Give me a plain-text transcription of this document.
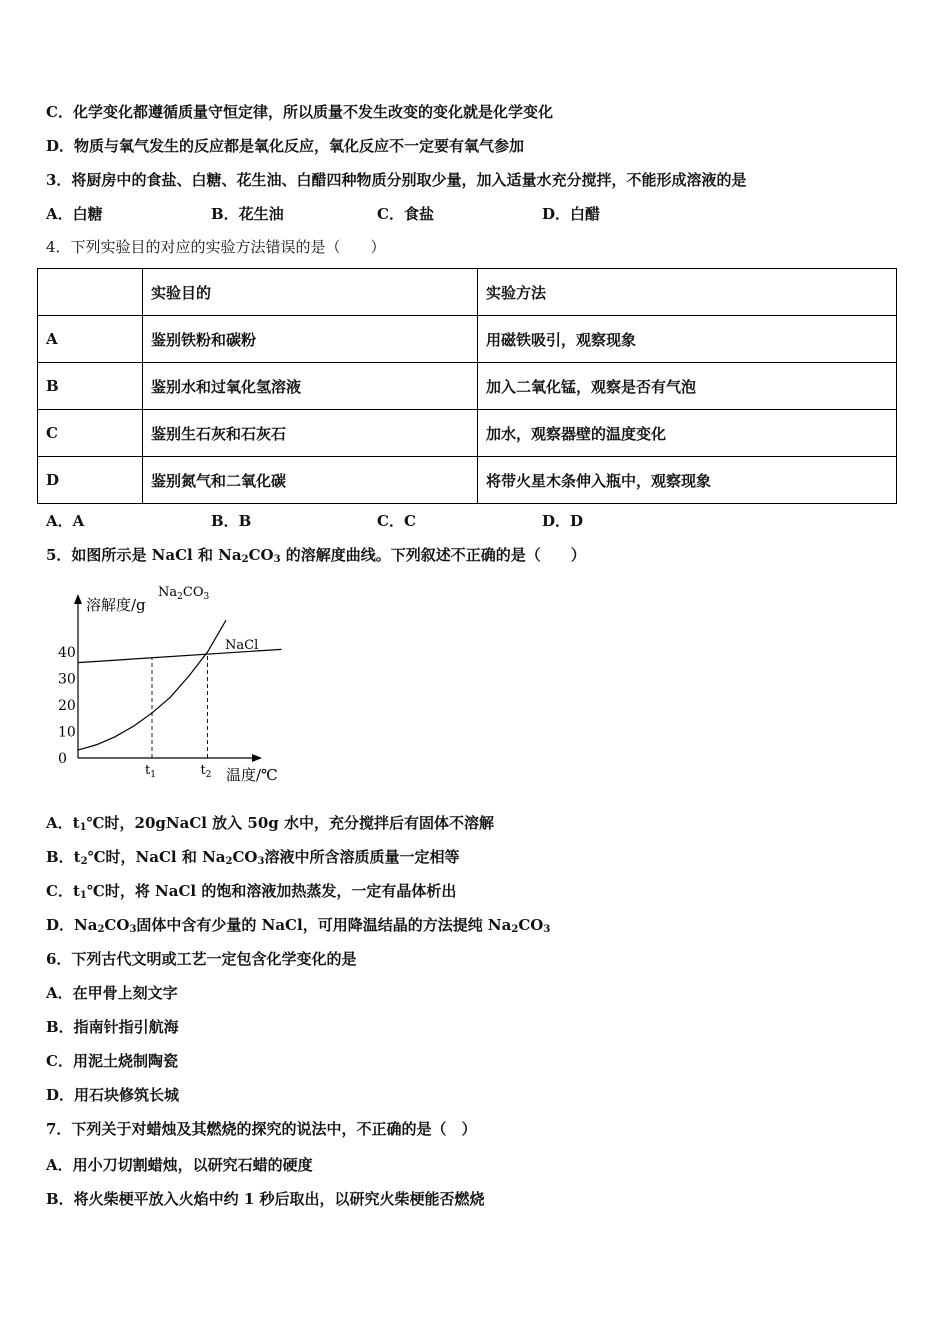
C．化学变化都遵循质量守恒定律，所以质量不发生改变的变化就是化学变化
D．物质与氧气发生的反应都是氧化反应，氧化反应不一定要有氧气参加
3．将厨房中的食盐、白糖、花生油、白醋四种物质分别取少量，加入适量水充分搅拌，不能形成溶液的是
A．白糖	B．花生油	C．食盐	D．白醋
4．下列实验目的对应的实验方法错误的是（　　）
	实验目的	实验方法
A	鉴别铁粉和碳粉	用磁铁吸引，观察现象
B	鉴别水和过氧化氢溶液	加入二氧化锰，观察是否有气泡
C	鉴别生石灰和石灰石	加水，观察器壁的温度变化
D	鉴别氮气和二氧化碳	将带火星木条伸入瓶中，观察现象
A．A	B．B	C．C	D．D
5．如图所示是 NaCl 和 $Na_2CO_3$ 的溶解度曲线。下列叙述不正确的是（　　）
0
10
20
30
40
$t_1$	$t_2$
溶解度/g
温度/℃
NaCl
$Na_2CO_3$
A．$t_1℃$时，20gNaCl 放入 50g 水中，充分搅拌后有固体不溶解
B．$t_2℃$时，NaCl 和 $Na_2CO_3$溶液中所含溶质质量一定相等
C．$t_1℃$时，将 NaCl 的饱和溶液加热蒸发，一定有晶体析出
D．$Na_2CO_3$固体中含有少量的 NaCl，可用降温结晶的方法提纯 $Na_2CO_3$
6．下列古代文明或工艺一定包含化学变化的是
A．在甲骨上刻文字
B．指南针指引航海
C．用泥土烧制陶瓷
D．用石块修筑长城
7．下列关于对蜡烛及其燃烧的探究的说法中，不正确的是（　）
A．用小刀切割蜡烛，以研究石蜡的硬度
B．将火柴梗平放入火焰中约 1 秒后取出，以研究火柴梗能否燃烧
